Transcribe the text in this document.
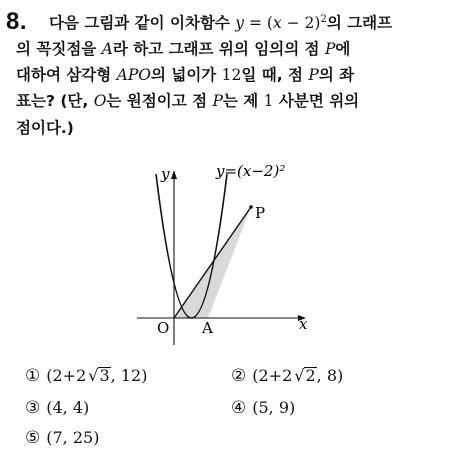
8. 다음 그림과 같이 이차함수 $y = (x - 2)^2$의 그래프
의 꼭짓점을 A라 하고 그래프 위의 임의의 점 P에
대하여 삼각형 APO의 넓이가 12일 때, 점 P의 좌
표는? (단, O는 원점이고 점 P는 제 1 사분면 위의
점이다.)
y=(x−2)²
y
x
O A
P
① (2+2 √3, 12)	② (2+2 √2, 8)
③ (4, 4)	④ (5, 9)
⑤ (7, 25)
